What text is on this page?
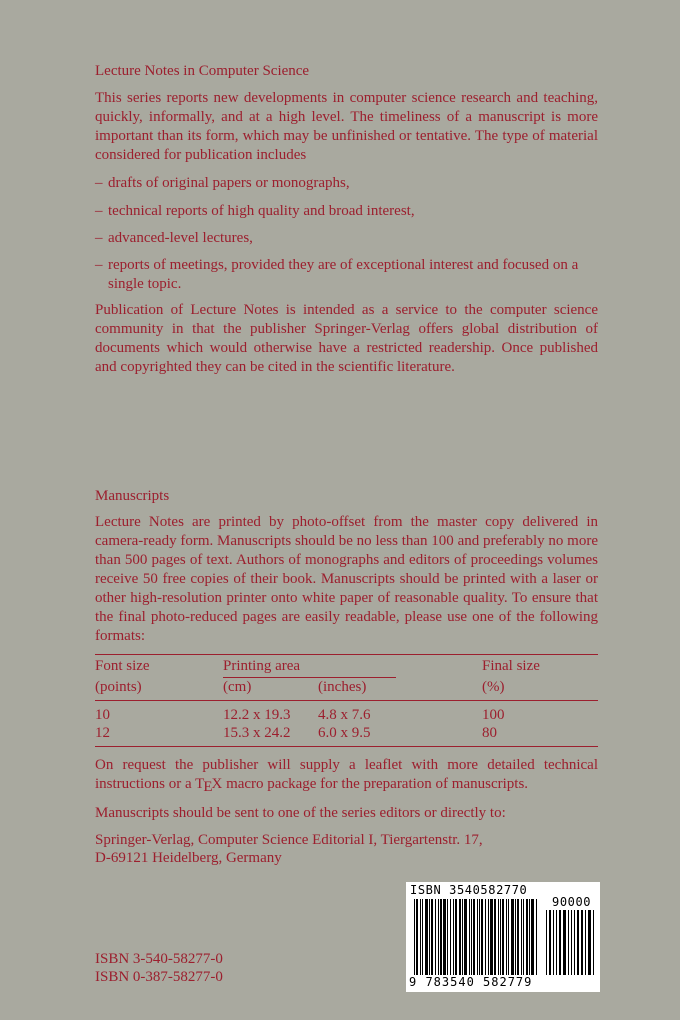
Lecture Notes in Computer Science

This series reports new developments in computer science research and teaching, quickly, informally, and at a high level. The timeliness of a manuscript is more important than its form, which may be unfinished or tentative. The type of material considered for publication includes

– drafts of original papers or monographs,
– technical reports of high quality and broad interest,
– advanced-level lectures,
– reports of meetings, provided they are of exceptional interest and focused on a single topic.

Publication of Lecture Notes is intended as a service to the computer science community in that the publisher Springer-Verlag offers global distribution of documents which would otherwise have a restricted readership. Once published and copyrighted they can be cited in the scientific literature.

Manuscripts

Lecture Notes are printed by photo-offset from the master copy delivered in camera-ready form. Manuscripts should be no less than 100 and preferably no more than 500 pages of text. Authors of monographs and editors of proceedings volumes receive 50 free copies of their book. Manuscripts should be printed with a laser or other high-resolution printer onto white paper of reasonable quality. To ensure that the final photo-reduced pages are easily readable, please use one of the following formats:

Font size	Printing area	Final size
(points)	(cm)	(inches)	(%)
10	12.2 x 19.3 4.8 x 7.6	100
12	15.3 x 24.2 6.0 x 9.5	80

On request the publisher will supply a leaflet with more detailed technical instructions or a TEX macro package for the preparation of manuscripts.

Manuscripts should be sent to one of the series editors or directly to:

Springer-Verlag, Computer Science Editorial I, Tiergartenstr. 17,

D-69121 Heidelberg, Germany

ISBN 3-540-58277-0

ISBN 0-387-58277-0

ISBN 3540582770
90000
9 783540 582779
